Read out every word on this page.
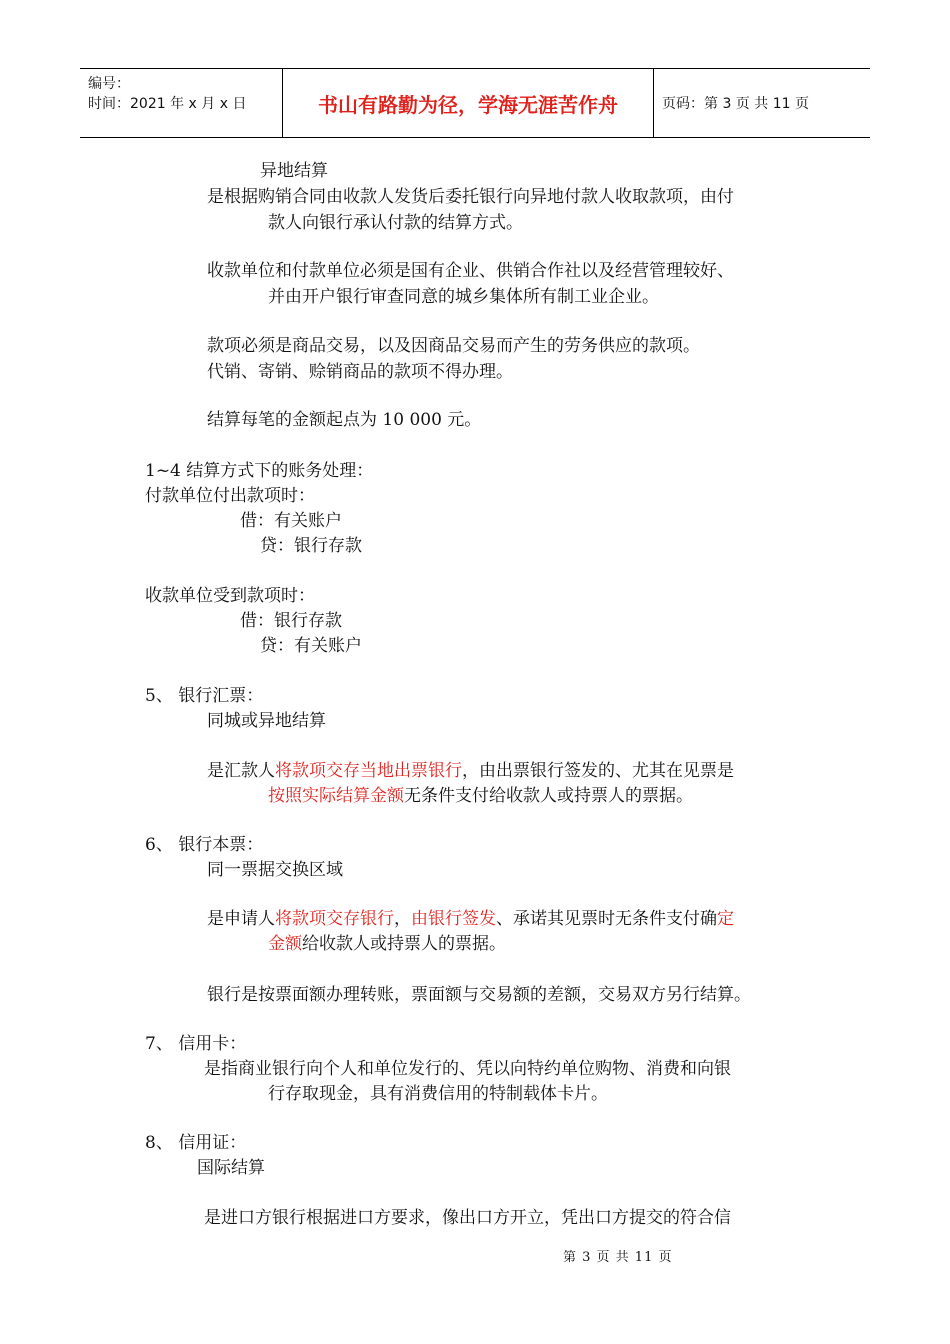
编号：
时间：2021 年 x 月 x 日	书山有路勤为径，学海无涯苦作舟	页码：第 3 页 共 11 页
异地结算
是根据购销合同由收款人发货后委托银行向异地付款人收取款项，由付
款人向银行承认付款的结算方式。
收款单位和付款单位必须是国有企业、供销合作社以及经营管理较好、
并由开户银行审查同意的城乡集体所有制工业企业。
款项必须是商品交易，以及因商品交易而产生的劳务供应的款项。
代销、寄销、赊销商品的款项不得办理。
结算每笔的金额起点为 10 000 元。
1~4 结算方式下的账务处理：
付款单位付出款项时：
借：有关账户
贷：银行存款
收款单位受到款项时：
借：银行存款
贷：有关账户
5、 银行汇票：
同城或异地结算
是汇款人将款项交存当地出票银行，由出票银行签发的、尤其在见票是
按照实际结算金额无条件支付给收款人或持票人的票据。
6、 银行本票：
同一票据交换区域
是申请人将款项交存银行，由银行签发、承诺其见票时无条件支付确定
金额给收款人或持票人的票据。
银行是按票面额办理转账，票面额与交易额的差额，交易双方另行结算。
7、 信用卡：
是指商业银行向个人和单位发行的、凭以向特约单位购物、消费和向银
行存取现金，具有消费信用的特制载体卡片。
8、 信用证：
国际结算
是进口方银行根据进口方要求，像出口方开立，凭出口方提交的符合信
第 3 页 共 11 页
